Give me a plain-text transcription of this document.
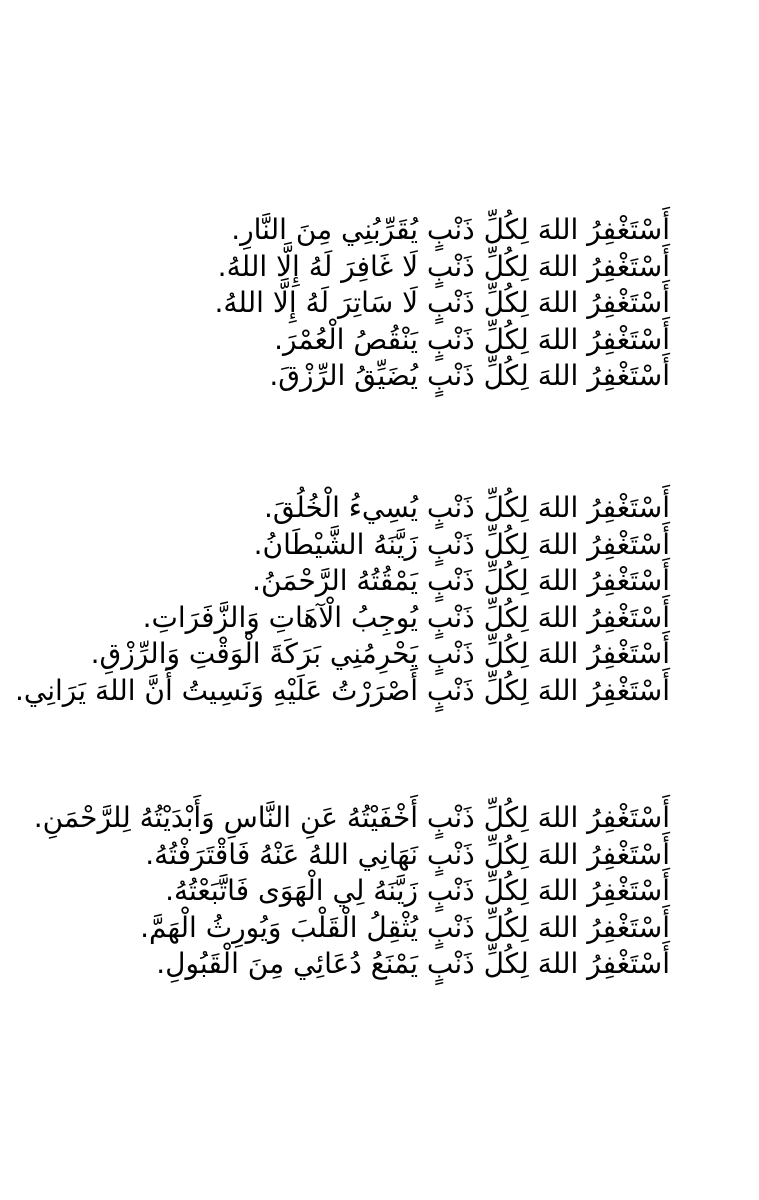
أَسْتَغْفِرُ اللهَ لِكُلِّ ذَنْبٍ يُقَرِّبُنِي مِنَ النَّارِ.
أَسْتَغْفِرُ اللهَ لِكُلِّ ذَنْبٍ لَا غَافِرَ لَهُ إِلَّا اللهُ.
أَسْتَغْفِرُ اللهَ لِكُلِّ ذَنْبٍ لَا سَاتِرَ لَهُ إِلَّا اللهُ.
أَسْتَغْفِرُ اللهَ لِكُلِّ ذَنْبٍ يَنْقُصُ الْعُمْرَ.
أَسْتَغْفِرُ اللهَ لِكُلِّ ذَنْبٍ يُضَيِّقُ الرِّزْقَ.
أَسْتَغْفِرُ اللهَ لِكُلِّ ذَنْبٍ يُسِيءُ الْخُلُقَ.
أَسْتَغْفِرُ اللهَ لِكُلِّ ذَنْبٍ زَيَّنَهُ الشَّيْطَانُ.
أَسْتَغْفِرُ اللهَ لِكُلِّ ذَنْبٍ يَمْقُتُهُ الرَّحْمَنُ.
أَسْتَغْفِرُ اللهَ لِكُلِّ ذَنْبٍ يُوجِبُ الْآهَاتِ وَالزَّفَرَاتِ.
أَسْتَغْفِرُ اللهَ لِكُلِّ ذَنْبٍ يَحْرِمُنِي بَرَكَةَ الْوَقْتِ وَالرِّزْقِ.
أَسْتَغْفِرُ اللهَ لِكُلِّ ذَنْبٍ أَصْرَرْتُ عَلَيْهِ وَنَسِيتُ أَنَّ اللهَ يَرَانِي.
أَسْتَغْفِرُ اللهَ لِكُلِّ ذَنْبٍ أَخْفَيْتُهُ عَنِ النَّاسِ وَأَبْدَيْتُهُ لِلرَّحْمَنِ.
أَسْتَغْفِرُ اللهَ لِكُلِّ ذَنْبٍ نَهَانِي اللهُ عَنْهُ فَاقْتَرَفْتُهُ.
أَسْتَغْفِرُ اللهَ لِكُلِّ ذَنْبٍ زَيَّنَهُ لِي الْهَوَى فَاتَّبَعْتُهُ.
أَسْتَغْفِرُ اللهَ لِكُلِّ ذَنْبٍ يُثْقِلُ الْقَلْبَ وَيُورِثُ الْهَمَّ.
أَسْتَغْفِرُ اللهَ لِكُلِّ ذَنْبٍ يَمْنَعُ دُعَائِي مِنَ الْقَبُولِ.
